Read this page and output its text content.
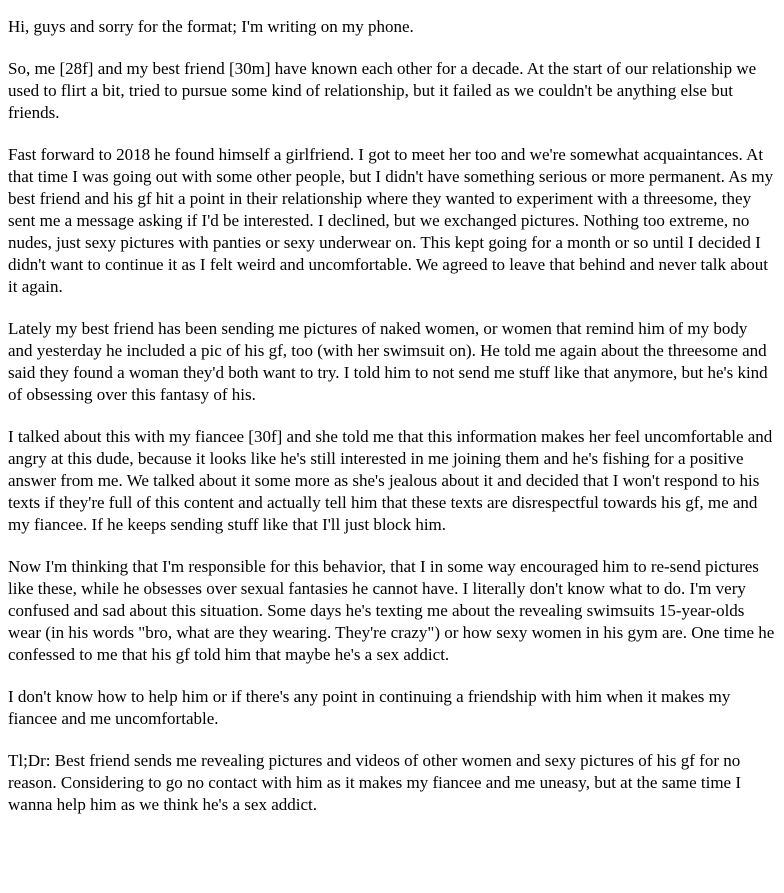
Hi, guys and sorry for the format; I'm writing on my phone.

So, me [28f] and my best friend [30m] have known each other for a decade. At the start of our relationship we used to flirt a bit, tried to pursue some kind of relationship, but it failed as we couldn't be anything else but friends.

Fast forward to 2018 he found himself a girlfriend. I got to meet her too and we're somewhat acquaintances. At that time I was going out with some other people, but I didn't have something serious or more permanent. As my best friend and his gf hit a point in their relationship where they wanted to experiment with a threesome, they sent me a message asking if I'd be interested. I declined, but we exchanged pictures. Nothing too extreme, no nudes, just sexy pictures with panties or sexy underwear on. This kept going for a month or so until I decided I didn't want to continue it as I felt weird and uncomfortable. We agreed to leave that behind and never talk about it again.

Lately my best friend has been sending me pictures of naked women, or women that remind him of my body and yesterday he included a pic of his gf, too (with her swimsuit on). He told me again about the threesome and said they found a woman they'd both want to try. I told him to not send me stuff like that anymore, but he's kind of obsessing over this fantasy of his.

I talked about this with my fiancee [30f] and she told me that this information makes her feel uncomfortable and angry at this dude, because it looks like he's still interested in me joining them and he's fishing for a positive answer from me. We talked about it some more as she's jealous about it and decided that I won't respond to his texts if they're full of this content and actually tell him that these texts are disrespectful towards his gf, me and my fiancee. If he keeps sending stuff like that I'll just block him.

Now I'm thinking that I'm responsible for this behavior, that I in some way encouraged him to re-send pictures like these, while he obsesses over sexual fantasies he cannot have. I literally don't know what to do. I'm very confused and sad about this situation. Some days he's texting me about the revealing swimsuits 15-year-olds wear (in his words "bro, what are they wearing. They're crazy") or how sexy women in his gym are. One time he confessed to me that his gf told him that maybe he's a sex addict.

I don't know how to help him or if there's any point in continuing a friendship with him when it makes my fiancee and me uncomfortable.

Tl;Dr: Best friend sends me revealing pictures and videos of other women and sexy pictures of his gf for no reason. Considering to go no contact with him as it makes my fiancee and me uneasy, but at the same time I wanna help him as we think he's a sex addict.
